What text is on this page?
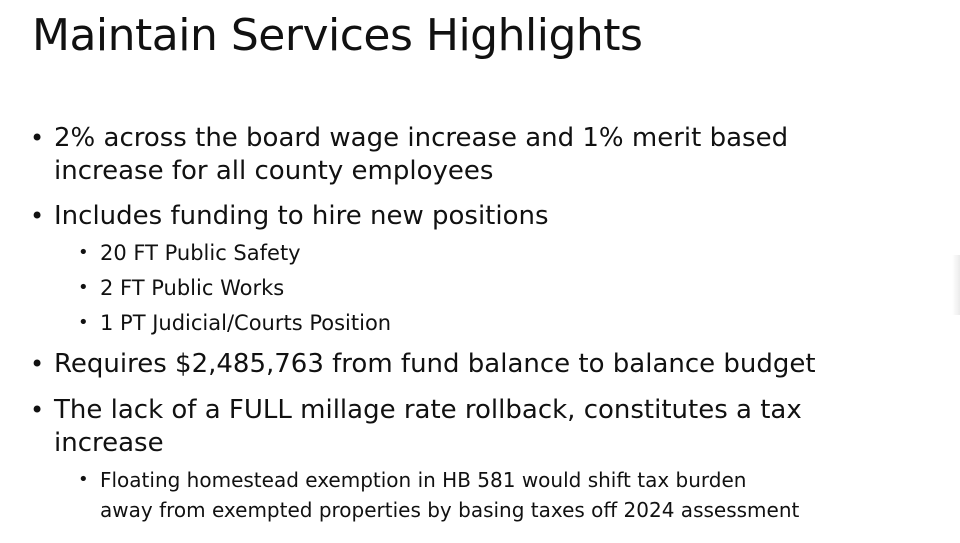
Maintain Services Highlights

• 2% across the board wage increase and 1% merit based
increase for all county employees

• Includes funding to hire new positions

• 20 FT Public Safety

• 2 FT Public Works

• 1 PT Judicial/Courts Position

• Requires $2,485,763 from fund balance to balance budget

• The lack of a FULL millage rate rollback, constitutes a tax
increase

• Floating homestead exemption in HB 581 would shift tax burden
away from exempted properties by basing taxes off 2024 assessment
